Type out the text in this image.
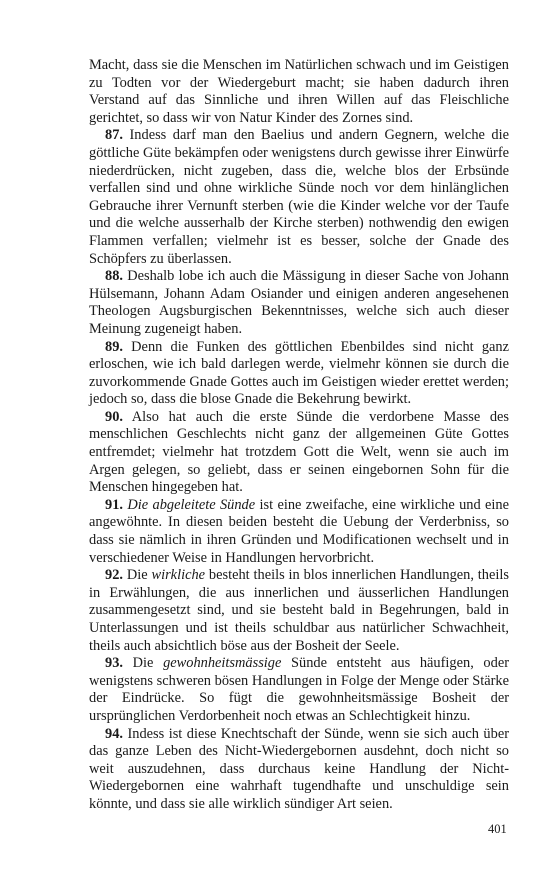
Macht, dass sie die Menschen im Natürlichen schwach und im Geistigen zu Todten vor der Wiedergeburt macht; sie haben dadurch ihren Verstand auf das Sinnliche und ihren Willen auf das Fleischliche gerichtet, so dass wir von Natur Kinder des Zornes sind.

87. Indess darf man den Baelius und andern Gegnern, welche die göttliche Güte bekämpfen oder wenigstens durch gewisse ihrer Einwürfe niederdrücken, nicht zugeben, dass die, welche blos der Erbsünde verfallen sind und ohne wirkliche Sünde noch vor dem hinlänglichen Gebrauche ihrer Vernunft sterben (wie die Kinder welche vor der Taufe und die welche ausserhalb der Kirche sterben) nothwendig den ewigen Flammen verfallen; vielmehr ist es besser, solche der Gnade des Schöpfers zu überlassen.

88. Deshalb lobe ich auch die Mässigung in dieser Sache von Johann Hülsemann, Johann Adam Osiander und einigen anderen angesehenen Theologen Augsburgischen Bekenntnisses, welche sich auch dieser Meinung zugeneigt haben.

89. Denn die Funken des göttlichen Ebenbildes sind nicht ganz erloschen, wie ich bald darlegen werde, vielmehr können sie durch die zuvorkommende Gnade Gottes auch im Geistigen wieder erettet werden; jedoch so, dass die blose Gnade die Bekehrung bewirkt.

90. Also hat auch die erste Sünde die verdorbene Masse des menschlichen Geschlechts nicht ganz der allgemeinen Güte Gottes entfremdet; vielmehr hat trotzdem Gott die Welt, wenn sie auch im Argen gelegen, so geliebt, dass er seinen eingebornen Sohn für die Menschen hingegeben hat.

91. Die abgeleitete Sünde ist eine zweifache, eine wirkliche und eine angewöhnte. In diesen beiden besteht die Uebung der Verderbniss, so dass sie nämlich in ihren Gründen und Modificationen wechselt und in verschiedener Weise in Handlungen hervorbricht.

92. Die wirkliche besteht theils in blos innerlichen Handlungen, theils in Erwählungen, die aus innerlichen und äusserlichen Handlungen zusammengesetzt sind, und sie besteht bald in Begehrungen, bald in Unterlassungen und ist theils schuldbar aus natürlicher Schwachheit, theils auch absichtlich böse aus der Bosheit der Seele.

93. Die gewohnheitsmässige Sünde entsteht aus häufigen, oder wenigstens schweren bösen Handlungen in Folge der Menge oder Stärke der Eindrücke. So fügt die gewohnheitsmässige Bosheit der ursprünglichen Verdorbenheit noch etwas an Schlechtigkeit hinzu.

94. Indess ist diese Knechtschaft der Sünde, wenn sie sich auch über das ganze Leben des Nicht-Wiedergebornen ausdehnt, doch nicht so weit auszudehnen, dass durchaus keine Handlung der Nicht-Wiedergebornen eine wahrhaft tugendhafte und unschuldige sein könnte, und dass sie alle wirklich sündiger Art seien.

401
